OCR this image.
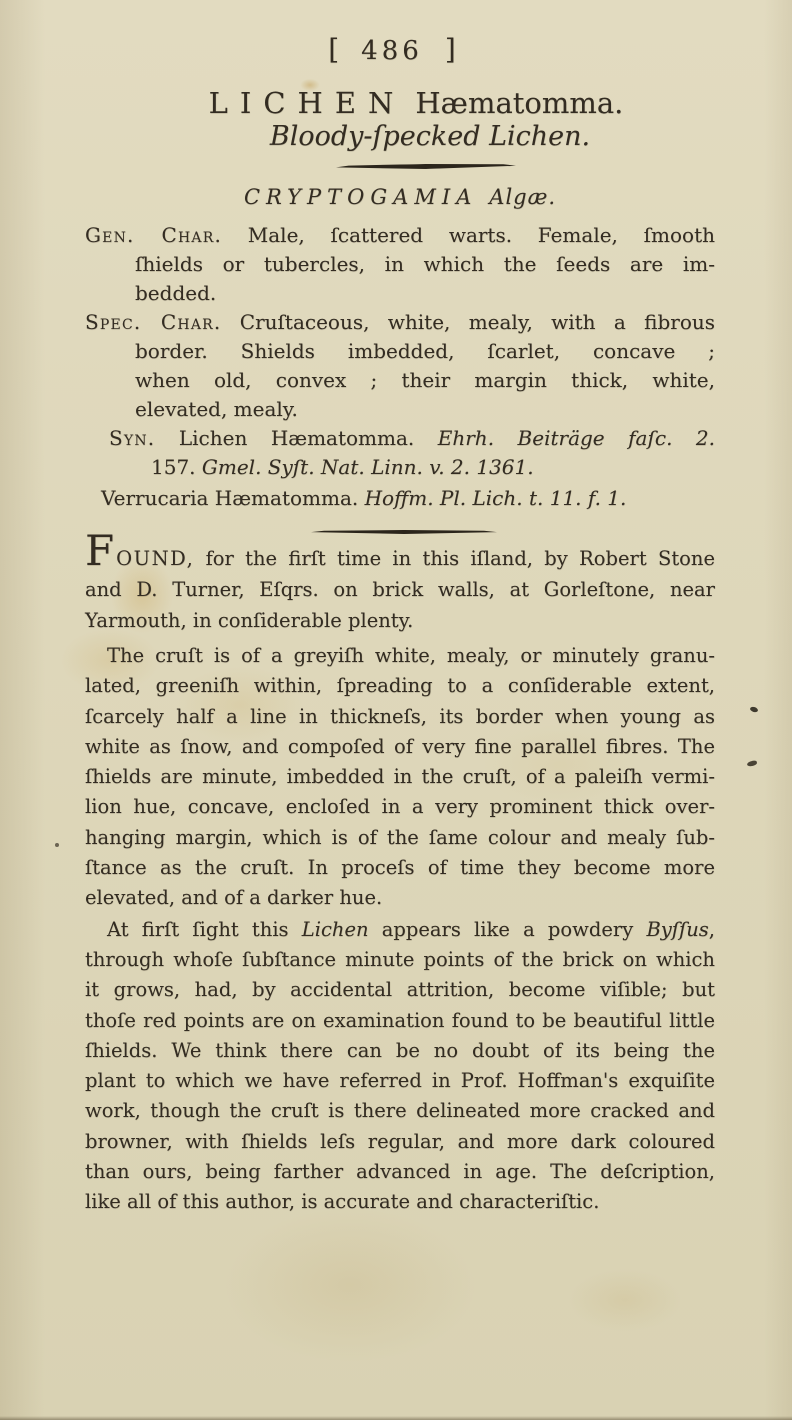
[ 486 ]
LICHEN Hæmatomma.
Bloody-ſpecked Lichen.
CRYPTOGAMIA Algæ.
Gen. Char. Male, ſcattered warts. Female, ſmooth
ſhields or tubercles, in which the ſeeds are im-
bedded.
Spec. Char. Cruſtaceous, white, mealy, with a fibrous
border. Shields imbedded, ſcarlet, concave ;
when old, convex ; their margin thick, white,
elevated, mealy.
Syn. Lichen Hæmatomma. Ehrh. Beiträge faſc. 2.
157. Gmel. Syſt. Nat. Linn. v. 2. 1361.
Verrucaria Hæmatomma. Hoffm. Pl. Lich. t. 11. f. 1.
FOUND, for the firſt time in this iſland, by Robert Stone
and D. Turner, Eſqrs. on brick walls, at Gorleſtone, near
Yarmouth, in conſiderable plenty.
The cruſt is of a greyiſh white, mealy, or minutely granu-
lated, greeniſh within, ſpreading to a conſiderable extent,
ſcarcely half a line in thickneſs, its border when young as
white as ſnow, and compoſed of very fine parallel fibres. The
ſhields are minute, imbedded in the cruſt, of a paleiſh vermi-
lion hue, concave, encloſed in a very prominent thick over-
hanging margin, which is of the ſame colour and mealy ſub-
ſtance as the cruſt. In proceſs of time they become more
elevated, and of a darker hue.
At firſt ſight this Lichen appears like a powdery Byſſus,
through whoſe ſubſtance minute points of the brick on which
it grows, had, by accidental attrition, become viſible; but
thoſe red points are on examination found to be beautiful little
ſhields. We think there can be no doubt of its being the
plant to which we have referred in Prof. Hoffman's exquiſite
work, though the cruſt is there delineated more cracked and
browner, with ſhields leſs regular, and more dark coloured
than ours, being farther advanced in age. The deſcription,
like all of this author, is accurate and characteriſtic.
